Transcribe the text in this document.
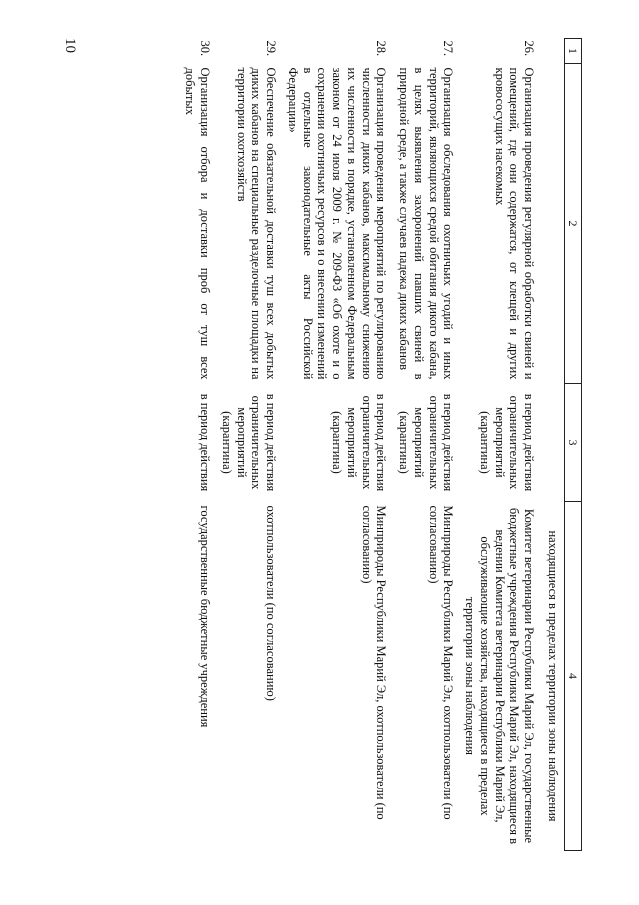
10	1	2	3	4
			находящиеся в пределах территории зоны наблюдения
26.	Организация проведения регулярной обработки свиней и помещений, где они содержатся, от клещей и других кровососущих насекомых	в период действия ограничительных мероприятий (карантина)	Комитет ветеринарии Республики Марий Эл, государственные бюджетные учреждения Республики Марий Эл, находящиеся в ведении Комитета ветеринарии Республики Марий Эл, обслуживающие хозяйства, находящиеся в пределах территории зоны наблюдения
27.	Организация обследования охотничьих угодий и иных территорий, являющихся средой обитания дикого кабана, в целях выявления захоронений павших свиней в природной среде, а также случаев падежа диких кабанов	в период действия ограничительных мероприятий (карантина)	Минприроды Республики Марий Эл, охотпользователи (по согласованию)
28.	Организация проведения мероприятий по регулированию численности диких кабанов, максимальному снижению их численности в порядке, установленном Федеральным законом от 24 июля 2009 г. № 209-ФЗ «Об охоте и о сохранении охотничьих ресурсов и о внесении изменений в отдельные законодательные акты Российской Федерации»	в период действия ограничительных мероприятий (карантина)	Минприроды Республики Марий Эл, охотпользователи (по согласованию)
29.	Обеспечение обязательной доставки туш всех добытых диких кабанов на специальные разделочные площадки на территории охотхозяйств	в период действия ограничительных мероприятий (карантина)	охотпользователи (по согласованию)
30.	Организация отбора и доставки проб от туш всех добытых	в период действия	государственные бюджетные учреждения
